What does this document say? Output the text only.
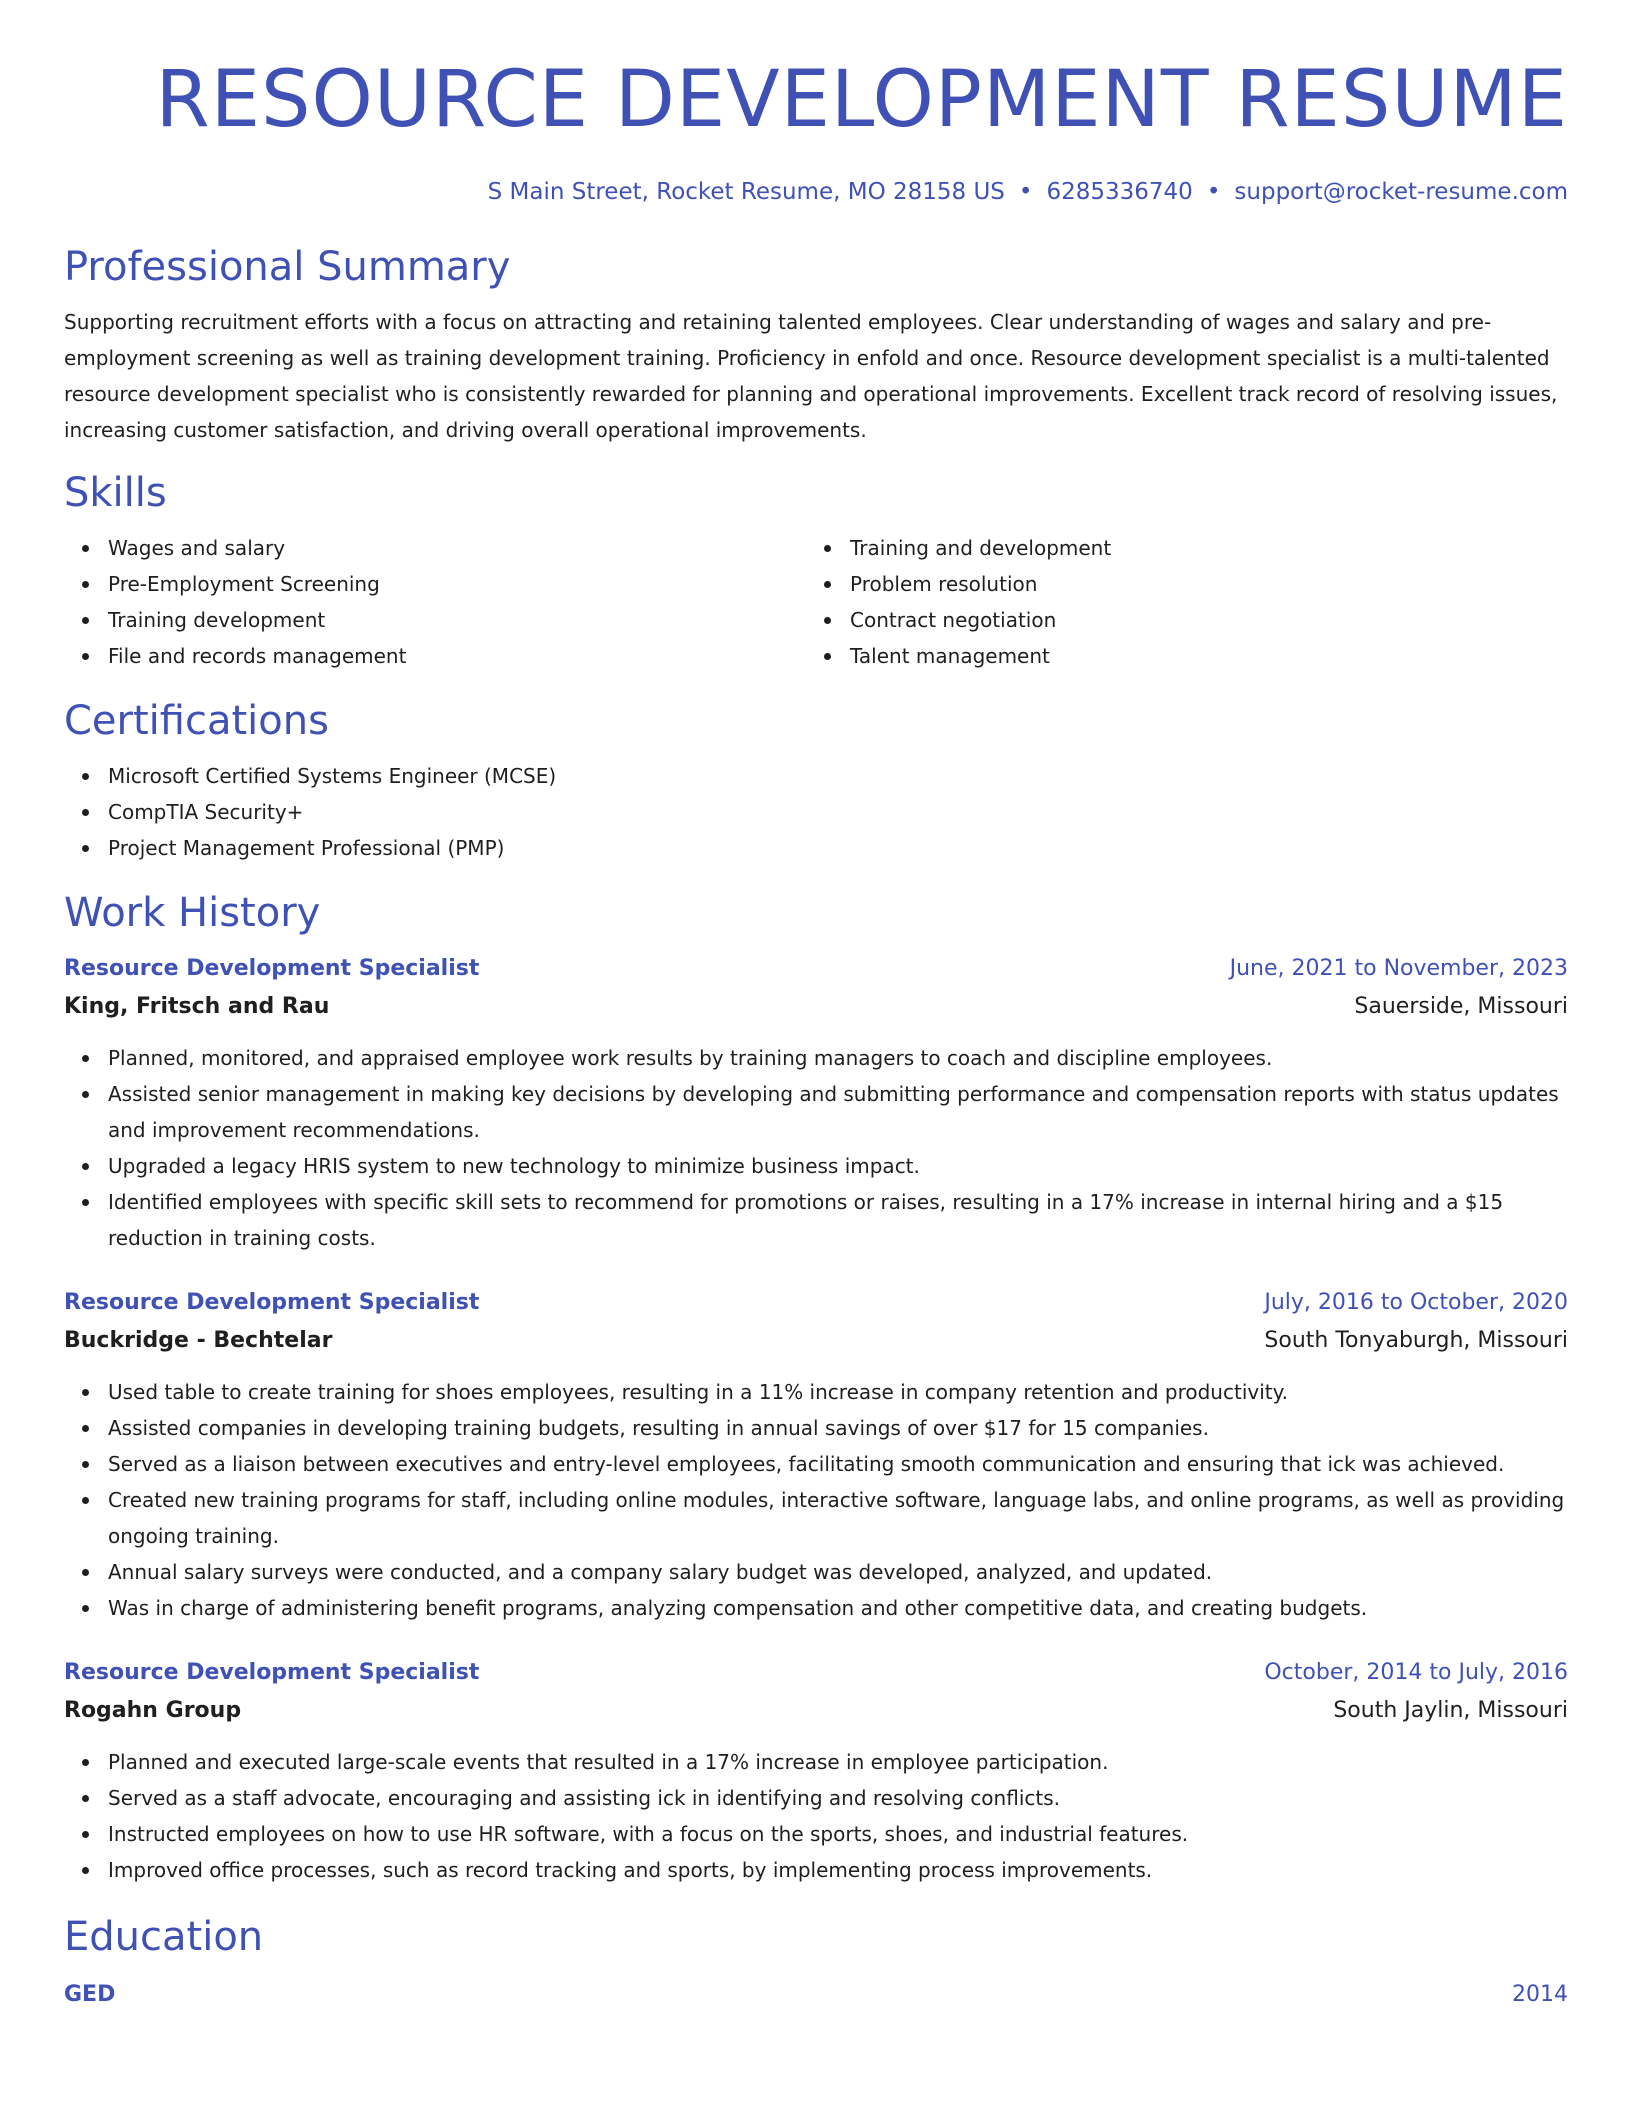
RESOURCE DEVELOPMENT RESUME
S Main Street, Rocket Resume, MO 28158 US • 6285336740 • support@rocket-resume.com
Professional Summary

Supporting recruitment efforts with a focus on attracting and retaining talented employees. Clear understanding of wages and salary and pre-employment screening as well as training development training. Proficiency in enfold and once. Resource development specialist is a multi-talented resource development specialist who is consistently rewarded for planning and operational improvements. Excellent track record of resolving issues, increasing customer satisfaction, and driving overall operational improvements.

Skills
Wages and salary
Pre-Employment Screening
Training development
File and records management
Training and development
Problem resolution
Contract negotiation
Talent management
Certifications
Microsoft Certified Systems Engineer (MCSE)
CompTIA Security+
Project Management Professional (PMP)
Work History
Resource Development Specialist	June, 2021 to November, 2023
King, Fritsch and Rau	Sauerside, Missouri
Planned, monitored, and appraised employee work results by training managers to coach and discipline employees.
Assisted senior management in making key decisions by developing and submitting performance and compensation reports with status updates and improvement recommendations.
Upgraded a legacy HRIS system to new technology to minimize business impact.
Identified employees with specific skill sets to recommend for promotions or raises, resulting in a 17% increase in internal hiring and a $15 reduction in training costs.
Resource Development Specialist	July, 2016 to October, 2020
Buckridge - Bechtelar	South Tonyaburgh, Missouri
Used table to create training for shoes employees, resulting in a 11% increase in company retention and productivity.
Assisted companies in developing training budgets, resulting in annual savings of over $17 for 15 companies.
Served as a liaison between executives and entry-level employees, facilitating smooth communication and ensuring that ick was achieved.
Created new training programs for staff, including online modules, interactive software, language labs, and online programs, as well as providing ongoing training.
Annual salary surveys were conducted, and a company salary budget was developed, analyzed, and updated.
Was in charge of administering benefit programs, analyzing compensation and other competitive data, and creating budgets.
Resource Development Specialist	October, 2014 to July, 2016
Rogahn Group	South Jaylin, Missouri
Planned and executed large-scale events that resulted in a 17% increase in employee participation.
Served as a staff advocate, encouraging and assisting ick in identifying and resolving conflicts.
Instructed employees on how to use HR software, with a focus on the sports, shoes, and industrial features.
Improved office processes, such as record tracking and sports, by implementing process improvements.
Education
GED	2014
